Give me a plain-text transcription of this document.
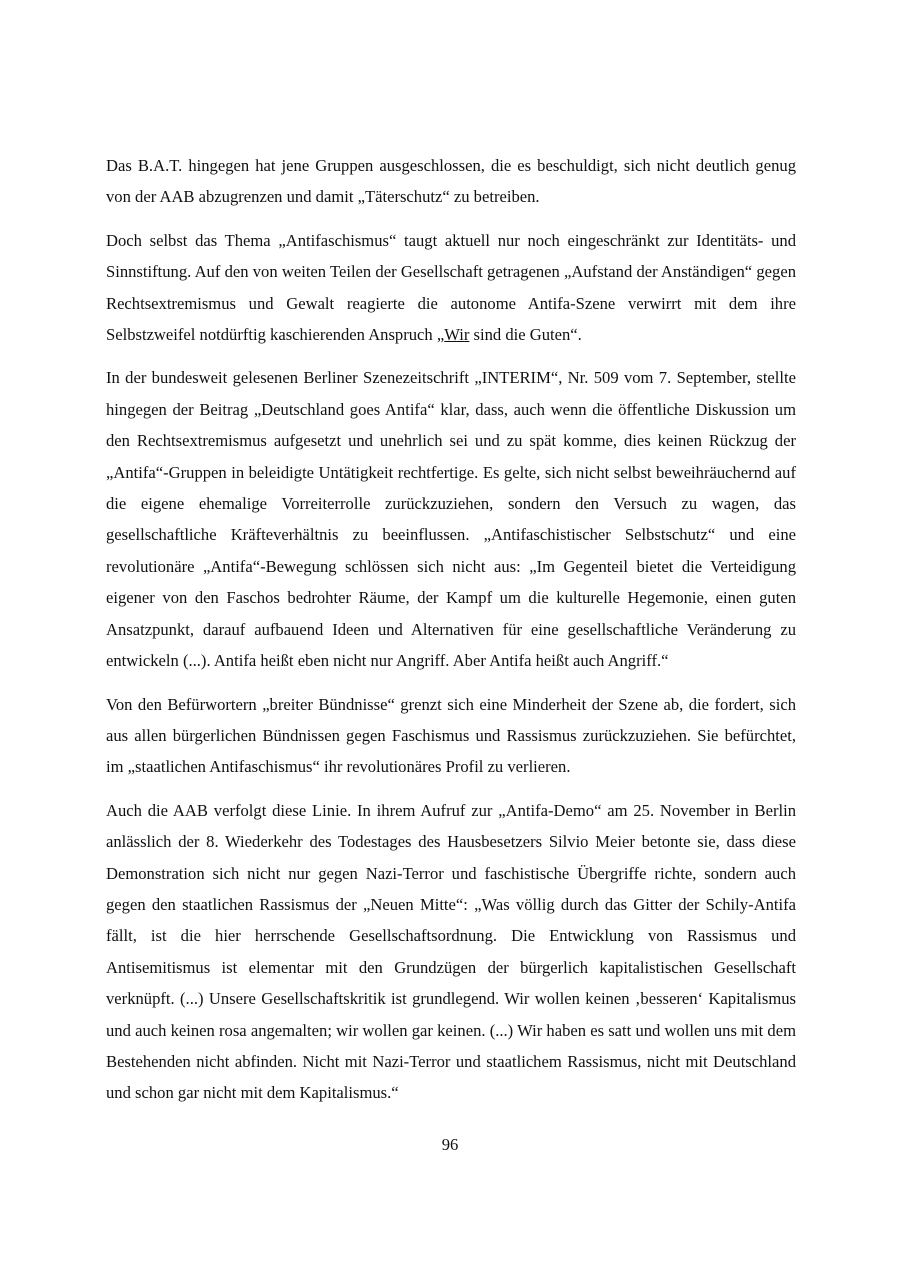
Das B.A.T. hingegen hat jene Gruppen ausgeschlossen, die es beschuldigt, sich nicht deutlich genug von der AAB abzugrenzen und damit „Täterschutz“ zu betreiben.

Doch selbst das Thema „Antifaschismus“ taugt aktuell nur noch eingeschränkt zur Identitäts- und Sinnstiftung. Auf den von weiten Teilen der Gesellschaft getragenen „Aufstand der Anständigen“ gegen Rechtsextremismus und Gewalt reagierte die autonome Antifa-Szene verwirrt mit dem ihre Selbstzweifel notdürftig kaschierenden Anspruch „Wir sind die Guten“.

In der bundesweit gelesenen Berliner Szenezeitschrift „INTERIM“, Nr. 509 vom 7. September, stellte hingegen der Beitrag „Deutschland goes Antifa“ klar, dass, auch wenn die öffentliche Diskussion um den Rechtsextremismus aufgesetzt und unehrlich sei und zu spät komme, dies keinen Rückzug der „Antifa“-Gruppen in beleidigte Untätigkeit rechtfertige. Es gelte, sich nicht selbst beweihräuchernd auf die eigene ehemalige Vorreiterrolle zurückzuziehen, sondern den Versuch zu wagen, das gesellschaftliche Kräfteverhältnis zu beeinflussen. „Antifaschistischer Selbstschutz“ und eine revolutionäre „Antifa“-Bewegung schlössen sich nicht aus: „Im Gegenteil bietet die Verteidigung eigener von den Faschos bedrohter Räume, der Kampf um die kulturelle Hegemonie, einen guten Ansatzpunkt, darauf aufbauend Ideen und Alternativen für eine gesellschaftliche Veränderung zu entwickeln (...). Antifa heißt eben nicht nur Angriff. Aber Antifa heißt auch Angriff.“

Von den Befürwortern „breiter Bündnisse“ grenzt sich eine Minderheit der Szene ab, die fordert, sich aus allen bürgerlichen Bündnissen gegen Faschismus und Rassismus zurückzuziehen. Sie befürchtet, im „staatlichen Antifaschismus“ ihr revolutionäres Profil zu verlieren.

Auch die AAB verfolgt diese Linie. In ihrem Aufruf zur „Antifa-Demo“ am 25. November in Berlin anlässlich der 8. Wiederkehr des Todestages des Hausbesetzers Silvio Meier betonte sie, dass diese Demonstration sich nicht nur gegen Nazi-Terror und faschistische Übergriffe richte, sondern auch gegen den staatlichen Rassismus der „Neuen Mitte“: „Was völlig durch das Gitter der Schily-Antifa fällt, ist die hier herrschende Gesellschaftsordnung. Die Entwicklung von Rassismus und Antisemitismus ist elementar mit den Grundzügen der bürgerlich kapitalistischen Gesellschaft verknüpft. (...) Unsere Gesellschaftskritik ist grundlegend. Wir wollen keinen ‚besseren‘ Kapitalismus und auch keinen rosa angemalten; wir wollen gar keinen. (...) Wir haben es satt und wollen uns mit dem Bestehenden nicht abfinden. Nicht mit Nazi-Terror und staatlichem Rassismus, nicht mit Deutschland und schon gar nicht mit dem Kapitalismus.“

96
